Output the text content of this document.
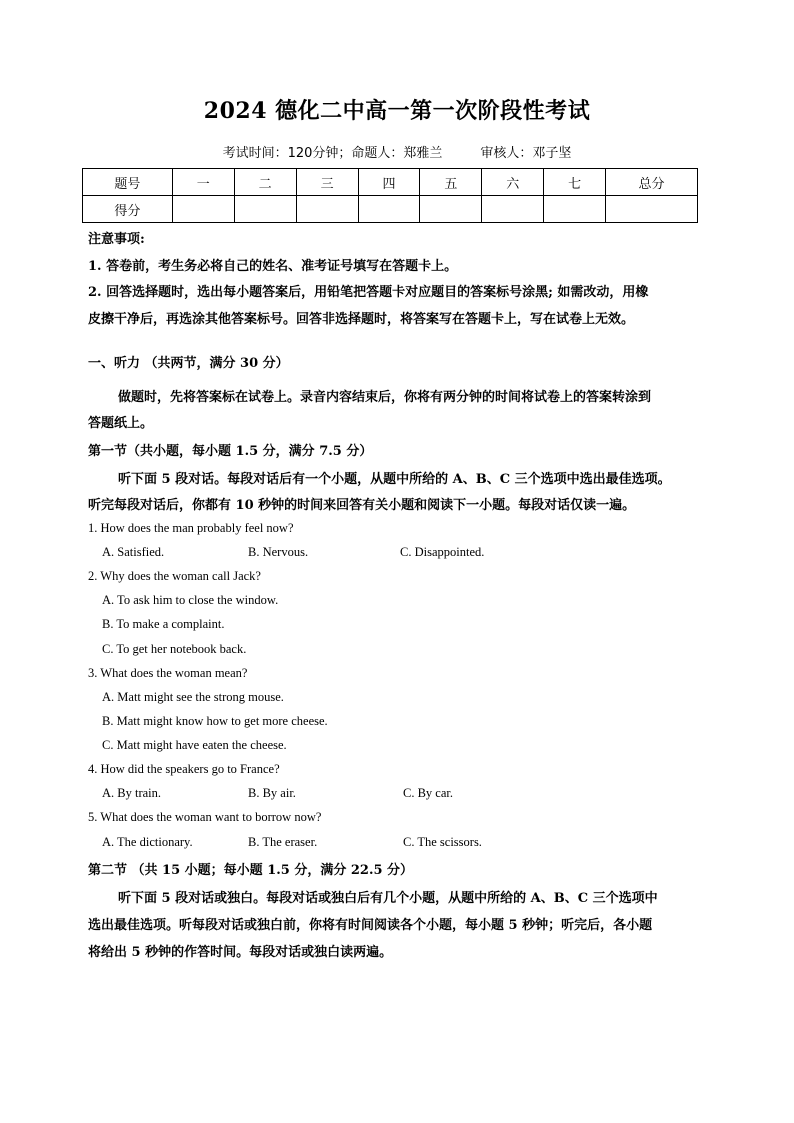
2024 德化二中高一第一次阶段性考试
考试时间：120分钟；命题人：郑雅兰	审核人：邓子坚
题号	一	二	三	四	五	六	七	总分
得分								
注意事项:
1. 答卷前，考生务必将自己的姓名、准考证号填写在答题卡上。
2. 回答选择题时，选出每小题答案后，用铅笔把答题卡对应题目的答案标号涂黑; 如需改动，用橡
皮擦干净后，再选涂其他答案标号。回答非选择题时，将答案写在答题卡上，写在试卷上无效。
一、听力 （共两节，满分 30 分）
做题时，先将答案标在试卷上。录音内容结束后，你将有两分钟的时间将试卷上的答案转涂到
答题纸上。
第一节（共小题，每小题 1.5 分，满分 7.5 分）
听下面 5 段对话。每段对话后有一个小题，从题中所给的 A、B、C 三个选项中选出最佳选项。
听完每段对话后，你都有 10 秒钟的时间来回答有关小题和阅读下一小题。每段对话仅读一遍。
1. How does the man probably feel now?
A. Satisfied.	B. Nervous.	C. Disappointed.
2. Why does the woman call Jack?
A. To ask him to close the window.
B. To make a complaint.
C. To get her notebook back.
3. What does the woman mean?
A. Matt might see the strong mouse.
B. Matt might know how to get more cheese.
C. Matt might have eaten the cheese.
4. How did the speakers go to France?
A. By train.	B. By air.	C. By car.
5. What does the woman want to borrow now?
A. The dictionary.	B. The eraser.	C. The scissors.
第二节 （共 15 小题；每小题 1.5 分，满分 22.5 分）
听下面 5 段对话或独白。每段对话或独白后有几个小题，从题中所给的 A、B、C 三个选项中
选出最佳选项。听每段对话或独白前，你将有时间阅读各个小题，每小题 5 秒钟；听完后，各小题
将给出 5 秒钟的作答时间。每段对话或独白读两遍。
